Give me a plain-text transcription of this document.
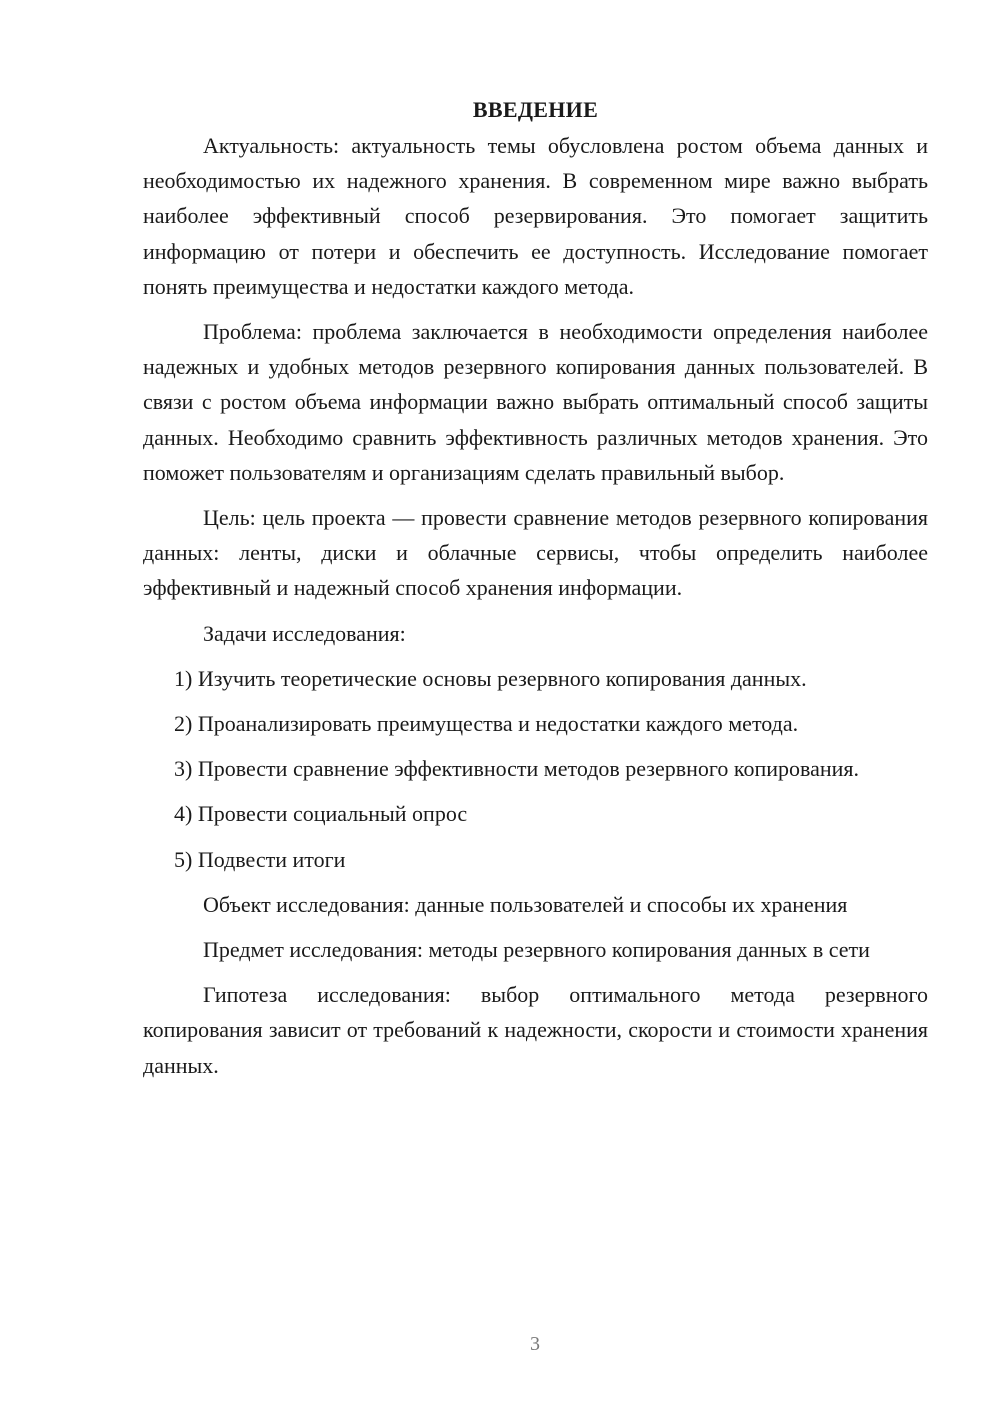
ВВЕДЕНИЕ

Актуальность: актуальность темы обусловлена ростом объема данных и необходимостью их надежного хранения. В современном мире важно выбрать наиболее эффективный способ резервирования. Это помогает защитить информацию от потери и обеспечить ее доступность. Исследование помогает понять преимущества и недостатки каждого метода.

Проблема: проблема заключается в необходимости определения наиболее надежных и удобных методов резервного копирования данных пользователей. В связи с ростом объема информации важно выбрать оптимальный способ защиты данных. Необходимо сравнить эффективность различных методов хранения. Это поможет пользователям и организациям сделать правильный выбор.

Цель: цель проекта — провести сравнение методов резервного копирования данных: ленты, диски и облачные сервисы, чтобы определить наиболее эффективный и надежный способ хранения информации.

Задачи исследования:

1) Изучить теоретические основы резервного копирования данных.

2) Проанализировать преимущества и недостатки каждого метода.

3) Провести сравнение эффективности методов резервного копирования.

4) Провести социальный опрос

5) Подвести итоги

Объект исследования: данные пользователей и способы их хранения

Предмет исследования: методы резервного копирования данных в сети

Гипотеза исследования: выбор оптимального метода резервного копирования зависит от требований к надежности, скорости и стоимости хранения данных.

3
